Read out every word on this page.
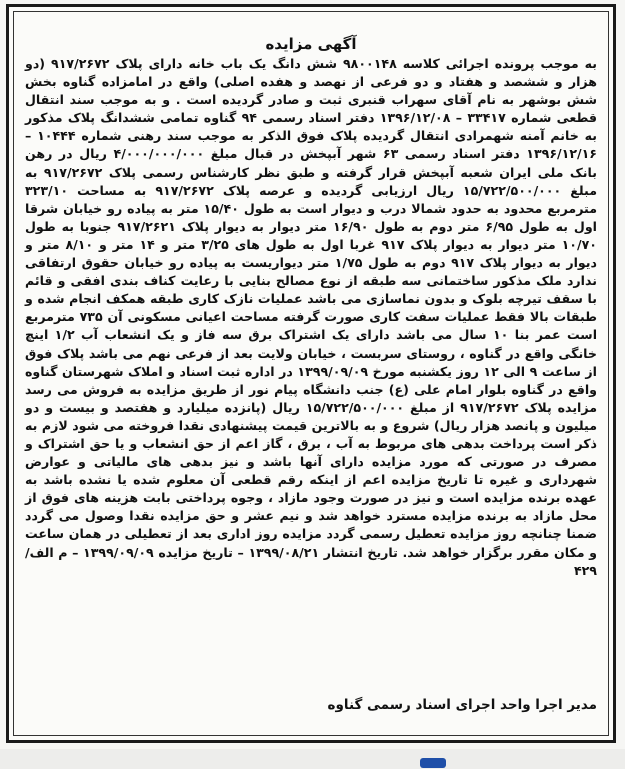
آگهی مزایده
به موجب پرونده اجرائی کلاسه ۹۸۰۰۱۴۸ شش دانگ یک باب خانه دارای پلاک ۹۱۷/۲۶۷۲ (دو هزار و ششصد و هفتاد و دو فرعی از نهصد و هفده اصلی) واقع در امامزاده گناوه بخش شش بوشهر به نام آقای سهراب قنبری ثبت و صادر گردیده است . و به موجب سند انتقال قطعی شماره ۳۳۴۱۷ – ۱۳۹۶/۱۲/۰۸ دفتر اسناد رسمی ۹۴ گناوه تمامی ششدانگ پلاک مذکور به خانم آمنه شهمرادی انتقال گردیده پلاک فوق الذکر به موجب سند رهنی شماره ۱۰۴۴۴ – ۱۳۹۶/۱۲/۱۶ دفتر اسناد رسمی ۶۳ شهر آبپخش در قبال مبلغ ۴/۰۰۰/۰۰۰/۰۰۰ ریال در رهن بانک ملی ایران شعبه آبپخش قرار گرفته و طبق نظر کارشناس رسمی پلاک ۹۱۷/۲۶۷۲ به مبلغ ۱۵/۷۲۲/۵۰۰/۰۰۰ ریال ارزیابی گردیده و عرصه پلاک ۹۱۷/۲۶۷۲ به مساحت ۳۲۳/۱۰ مترمربع محدود به حدود شمالا درب و دیوار است به طول ۱۵/۴۰ متر به پیاده رو خیابان شرقا اول به طول ۶/۹۵ متر دوم به طول ۱۶/۹۰ متر دیوار به دیوار پلاک ۹۱۷/۲۶۲۱ جنوبا به طول ۱۰/۷۰ متر دیوار به دیوار پلاک ۹۱۷ غربا اول به طول های ۳/۲۵ متر و ۱۴ متر و ۸/۱۰ متر و دیوار به دیوار پلاک ۹۱۷ دوم به طول ۱/۷۵ متر دیواریست به پیاده رو خیابان حقوق ارتفاقی ندارد ملک مذکور ساختمانی سه طبقه از نوع مصالح بنایی با رعایت کناف بندی افقی و قائم با سقف تیرچه بلوک و بدون نماسازی می باشد عملیات نازک کاری طبقه همکف انجام شده و طبقات بالا فقط عملیات سفت کاری صورت گرفته مساحت اعیانی مسکونی آن ۷۳۵ مترمربع است عمر بنا ۱۰ سال می باشد دارای یک اشتراک برق سه فاز و یک انشعاب آب ۱/۲ اینچ خانگی واقع در گناوه ، روستای سربست ، خیابان ولایت بعد از فرعی نهم می باشد پلاک فوق از ساعت ۹ الی ۱۲ روز یکشنبه مورخ ۱۳۹۹/۰۹/۰۹ در اداره ثبت اسناد و املاک شهرستان گناوه واقع در گناوه بلوار امام علی (ع) جنب دانشگاه پیام نور از طریق مزایده به فروش می رسد مزایده پلاک ۹۱۷/۲۶۷۲ از مبلغ ۱۵/۷۲۲/۵۰۰/۰۰۰ ریال (پانزده میلیارد و هفتصد و بیست و دو میلیون و پانصد هزار ریال) شروع و به بالاترین قیمت پیشنهادی نقدا فروخته می شود لازم به ذکر است پرداخت بدهی های مربوط به آب ، برق ، گاز اعم از حق انشعاب و یا حق اشتراک و مصرف در صورتی که مورد مزایده دارای آنها باشد و نیز بدهی های مالیاتی و عوارض شهرداری و غیره تا تاریخ مزایده اعم از اینکه رقم قطعی آن معلوم شده یا نشده باشد به عهده برنده مزایده است و نیز در صورت وجود مازاد ، وجوه پرداختی بابت هزینه های فوق از محل مازاد به برنده مزایده مسترد خواهد شد و نیم عشر و حق مزایده نقدا وصول می گردد ضمنا چنانچه روز مزایده تعطیل رسمی گردد مزایده روز اداری بعد از تعطیلی در همان ساعت و مکان مقرر برگزار خواهد شد. تاریخ انتشار ۱۳۹۹/۰۸/۲۱ – تاریخ مزایده ۱۳۹۹/۰۹/۰۹ – م الف/۴۲۹
مدیر اجرا واحد اجرای اسناد رسمی گناوه
